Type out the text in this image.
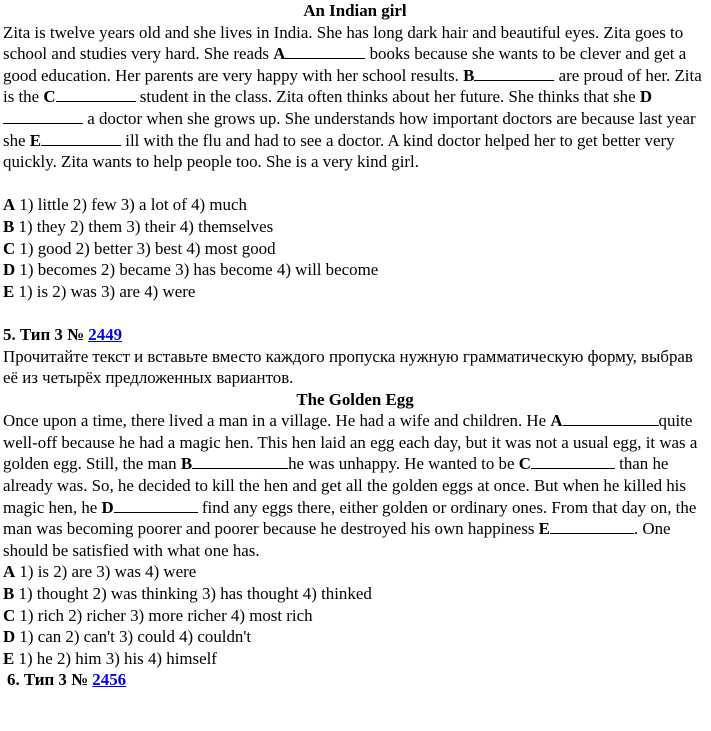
An Indian girl

Zita is twelve years old and she lives in India. She has long dark hair and beautiful eyes. Zita goes to school and studies very hard. She reads A	books because she wants to be clever and get a good education. Her parents are very happy with her school results. B	are proud of her. Zita is the C	student in the class. Zita often thinks about her future. She thinks that she D a doctor when she grows up. She understands how important doctors are because last year she E	ill with the flu and had to see a doctor. A kind doctor helped her to get better very quickly. Zita wants to help people too. She is a very kind girl.

A 1) little 2) few 3) a lot of 4) much

B 1) they 2) them 3) their 4) themselves

C 1) good 2) better 3) best 4) most good

D 1) becomes 2) became 3) has become 4) will become

E 1) is 2) was 3) are 4) were

5. Тип 3 № 2449

Прочитайте текст и вставьте вместо каждого пропуска нужную грамматическую форму, выбрав её из четырёх предложенных вариантов.

The Golden Egg

Once upon a time, there lived a man in a village. He had a wife and children. He A	quite well-off because he had a magic hen. This hen laid an egg each day, but it was not a usual egg, it was a golden egg. Still, the man B	he was unhappy. He wanted to be C	than he already was. So, he decided to kill the hen and get all the golden eggs at once. But when he killed his magic hen, he D	find any eggs there, either golden or ordinary ones. From that day on, the man was becoming poorer and poorer because he destroyed his own happiness E	. One should be satisfied with what one has.

A 1) is 2) are 3) was 4) were

B 1) thought 2) was thinking 3) has thought 4) thinked

C 1) rich 2) richer 3) more richer 4) most rich

D 1) can 2) can't 3) could 4) couldn't

E 1) he 2) him 3) his 4) himself

6. Тип 3 № 2456
